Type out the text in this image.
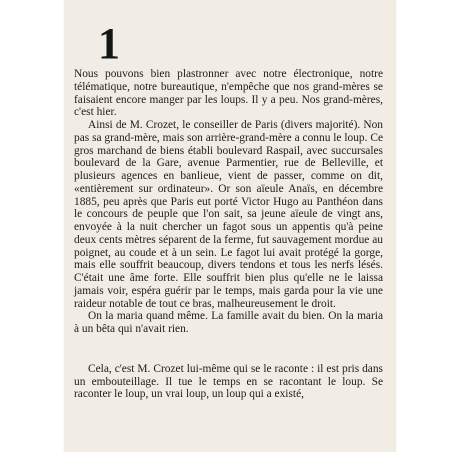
1

Nous pouvons bien plastronner avec notre électronique, notre télématique, notre bureautique, n'empêche que nos grand-mères se faisaient encore manger par les loups. Il y a peu. Nos grand-mères, c'est hier.

Ainsi de M. Crozet, le conseiller de Paris (divers majorité). Non pas sa grand-mère, mais son arrière-grand-mère a connu le loup. Ce gros marchand de biens établi boulevard Raspail, avec succursales boulevard de la Gare, avenue Parmentier, rue de Belleville, et plusieurs agences en banlieue, vient de passer, comme on dit, «entièrement sur ordinateur». Or son aïeule Anaïs, en décembre 1885, peu après que Paris eut porté Victor Hugo au Panthéon dans le concours de peuple que l'on sait, sa jeune aïeule de vingt ans, envoyée à la nuit chercher un fagot sous un appentis qu'à peine deux cents mètres séparent de la ferme, fut sauvagement mordue au poignet, au coude et à un sein. Le fagot lui avait protégé la gorge, mais elle souffrit beaucoup, divers tendons et tous les nerfs lésés. C'était une âme forte. Elle souffrit bien plus qu'elle ne le laissa jamais voir, espéra guérir par le temps, mais garda pour la vie une raideur notable de tout ce bras, malheureusement le droit.

On la maria quand même. La famille avait du bien. On la maria à un bêta qui n'avait rien.

Cela, c'est M. Crozet lui-même qui se le raconte : il est pris dans un embouteillage. Il tue le temps en se racontant le loup. Se raconter le loup, un vrai loup, un loup qui a existé,
